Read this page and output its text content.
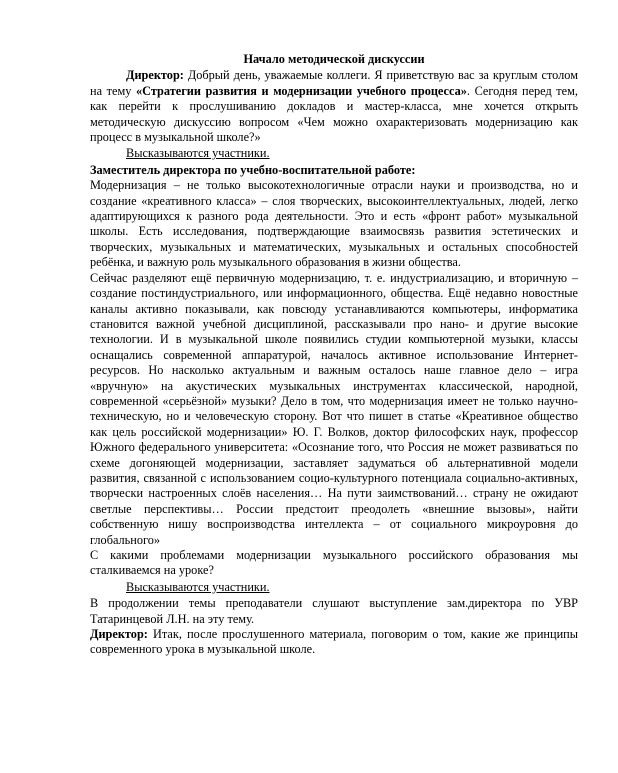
Начало методической дискуссии

Директор: Добрый день, уважаемые коллеги. Я приветствую вас за круглым столом на тему «Стратегии развития и модернизации учебного процесса». Сегодня перед тем, как перейти к прослушиванию докладов и мастер-класса, мне хочется открыть методическую дискуссию вопросом «Чем можно охарактеризовать модернизацию как процесс в музыкальной школе?»

Высказываются участники.
Заместитель директора по учебно-воспитательной работе:

Модернизация – не только высокотехнологичные отрасли науки и производства, но и создание «креативного класса» – слоя творческих, высокоинтеллектуальных, людей, легко адаптирующихся к разного рода деятельности. Это и есть «фронт работ» музыкальной школы. Есть исследования, подтверждающие взаимосвязь развития эстетических и творческих, музыкальных и математических, музыкальных и остальных способностей ребёнка, и важную роль музыкального образования в жизни общества.

Сейчас разделяют ещё первичную модернизацию, т. е. индустриализацию, и вторичную – создание постиндустриального, или информационного, общества. Ещё недавно новостные каналы активно показывали, как повсюду устанавливаются компьютеры, информатика становится важной учебной дисциплиной, рассказывали про нано- и другие высокие технологии. И в музыкальной школе появились студии компьютерной музыки, классы оснащались современной аппаратурой, началось активное использование Интернет-ресурсов. Но насколько актуальным и важным осталось наше главное дело – игра «вручную» на акустических музыкальных инструментах классической, народной, современной «серьёзной» музыки? Дело в том, что модернизация имеет не только научно-техническую, но и человеческую сторону. Вот что пишет в статье «Креативное общество как цель российской модернизации» Ю. Г. Волков, доктор философских наук, профессор Южного федерального университета: «Осознание того, что Россия не может развиваться по схеме догоняющей модернизации, заставляет задуматься об альтернативной модели развития, связанной с использованием социо-культурного потенциала социально-активных, творчески настроенных слоёв населения… На пути заимствований… страну не ожидают светлые перспективы… России предстоит преодолеть «внешние вызовы», найти собственную нишу воспроизводства интеллекта – от социального микроуровня до глобального»

С какими проблемами модернизации музыкального российского образования мы сталкиваемся на уроке?

Высказываются участники.

В продолжении темы преподаватели слушают выступление зам.директора по УВР Татаринцевой Л.Н. на эту тему.

Директор: Итак, после прослушенного материала, поговорим о том, какие же принципы современного урока в музыкальной школе.
